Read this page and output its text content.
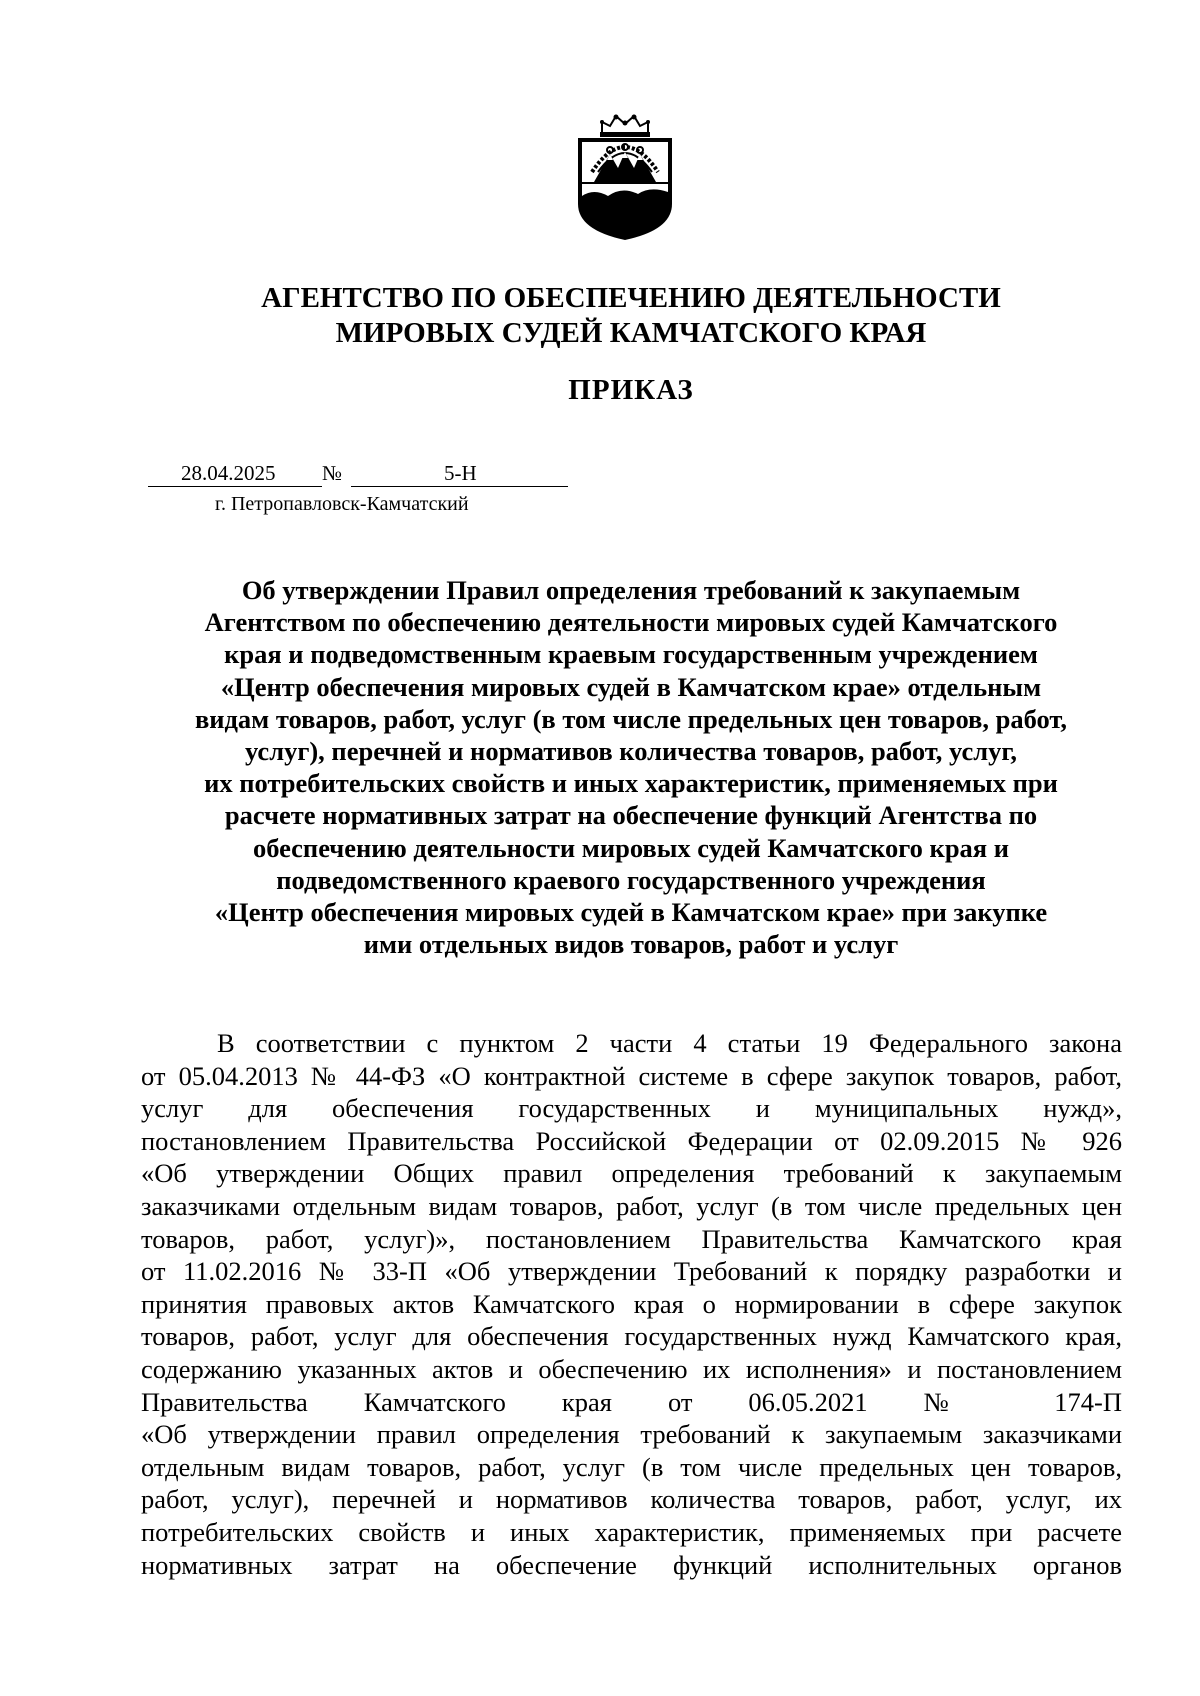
АГЕНТСТВО ПО ОБЕСПЕЧЕНИЮ ДЕЯТЕЛЬНОСТИ
МИРОВЫХ СУДЕЙ КАМЧАТСКОГО КРАЯ
ПРИКАЗ
28.04.2025 №	5-Н
г. Петропавловск-Камчатский
Об утверждении Правил определения требований к закупаемым
Агентством по обеспечению деятельности мировых судей Камчатского
края и подведомственным краевым государственным учреждением
«Центр обеспечения мировых судей в Камчатском крае» отдельным
видам товаров, работ, услуг (в том числе предельных цен товаров, работ,
услуг), перечней и нормативов количества товаров, работ, услуг,
их потребительских свойств и иных характеристик, применяемых при
расчете нормативных затрат на обеспечение функций Агентства по
обеспечению деятельности мировых судей Камчатского края и
подведомственного краевого государственного учреждения
«Центр обеспечения мировых судей в Камчатском крае» при закупке
ими отдельных видов товаров, работ и услуг
В соответствии с пунктом 2 части 4 статьи 19 Федерального закона
от 05.04.2013 № 44-ФЗ «О контрактной системе в сфере закупок товаров, работ,
услуг для обеспечения государственных и муниципальных нужд»,
постановлением Правительства Российской Федерации от 02.09.2015 № 926
«Об утверждении Общих правил определения требований к закупаемым
заказчиками отдельным видам товаров, работ, услуг (в том числе предельных цен
товаров, работ, услуг)», постановлением Правительства Камчатского края
от 11.02.2016 № 33-П «Об утверждении Требований к порядку разработки и
принятия правовых актов Камчатского края о нормировании в сфере закупок
товаров, работ, услуг для обеспечения государственных нужд Камчатского края,
содержанию указанных актов и обеспечению их исполнения» и постановлением
Правительства Камчатского края от 06.05.2021 № 174-П
«Об утверждении правил определения требований к закупаемым заказчиками
отдельным видам товаров, работ, услуг (в том числе предельных цен товаров,
работ, услуг), перечней и нормативов количества товаров, работ, услуг, их
потребительских свойств и иных характеристик, применяемых при расчете
нормативных затрат на обеспечение функций исполнительных органов
